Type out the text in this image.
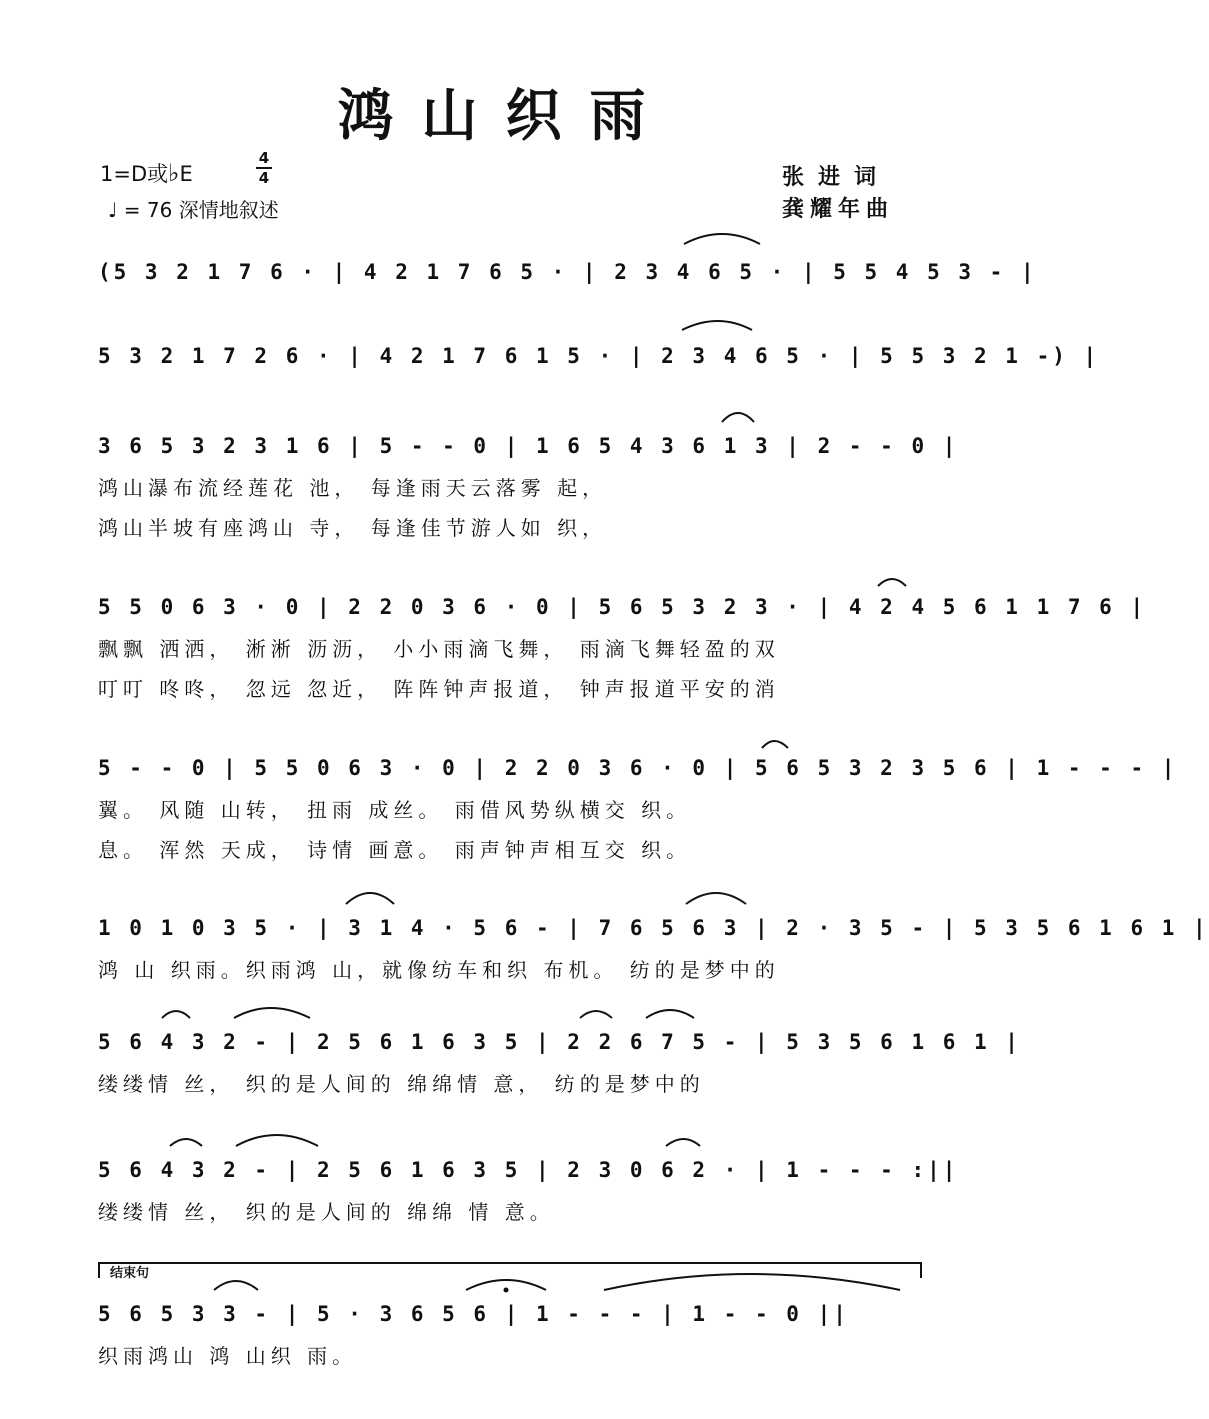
鸿山织雨
1=D或♭E
4
4
♩ = 76 深情地叙述
张进词
龚耀年曲
(5 3 2 1 7 6 · | 4 2 1 7 6 5 · | 2 3 4 6 5 · | 5 5 4 5 3 - |
5 3 2 1 7 2 6 · | 4 2 1 7 6 1 5 · | 2 3 4 6 5 · | 5 5 3 2 1 -) |
3 6 5 3 2 3 1 6 | 5 - - 0 | 1 6 5 4 3 6 1 3 | 2 - - 0 |
鸿山瀑布流经莲花 池， 每逢雨天云落雾 起，
鸿山半坡有座鸿山 寺， 每逢佳节游人如 织，
5 5 0 6 3 · 0 | 2 2 0 3 6 · 0 | 5 6 5 3 2 3 · | 4 2 4 5 6 1 1 7 6 |
飘飘 洒洒， 淅淅 沥沥， 小小雨滴飞舞， 雨滴飞舞轻盈的双
叮叮 咚咚， 忽远 忽近， 阵阵钟声报道， 钟声报道平安的消
5 - - 0 | 5 5 0 6 3 · 0 | 2 2 0 3 6 · 0 | 5 6 5 3 2 3 5 6 | 1 - - - |
翼。 风随 山转， 扭雨 成丝。 雨借风势纵横交 织。
息。 浑然 天成， 诗情 画意。 雨声钟声相互交 织。
1 0 1 0 3 5 · | 3 1 4 · 5 6 - | 7 6 5 6 3 | 2 · 3 5 - | 5 3 5 6 1 6 1 |
鸿 山 织雨。织雨鸿 山，就像纺车和织 布机。 纺的是梦中的
5 6 4 3 2 - | 2 5 6 1 6 3 5 | 2 2 6 7 5 - | 5 3 5 6 1 6 1 |
缕缕情 丝， 织的是人间的 绵绵情 意， 纺的是梦中的
5 6 4 3 2 - | 2 5 6 1 6 3 5 | 2 3 0 6 2 · | 1 - - - :||
缕缕情 丝， 织的是人间的 绵绵 情 意。
结束句
5 6 5 3 3 - | 5 · 3 6 5 6 | 1 - - - | 1 - - 0 ||
织雨鸿山 鸿 山织 雨。
